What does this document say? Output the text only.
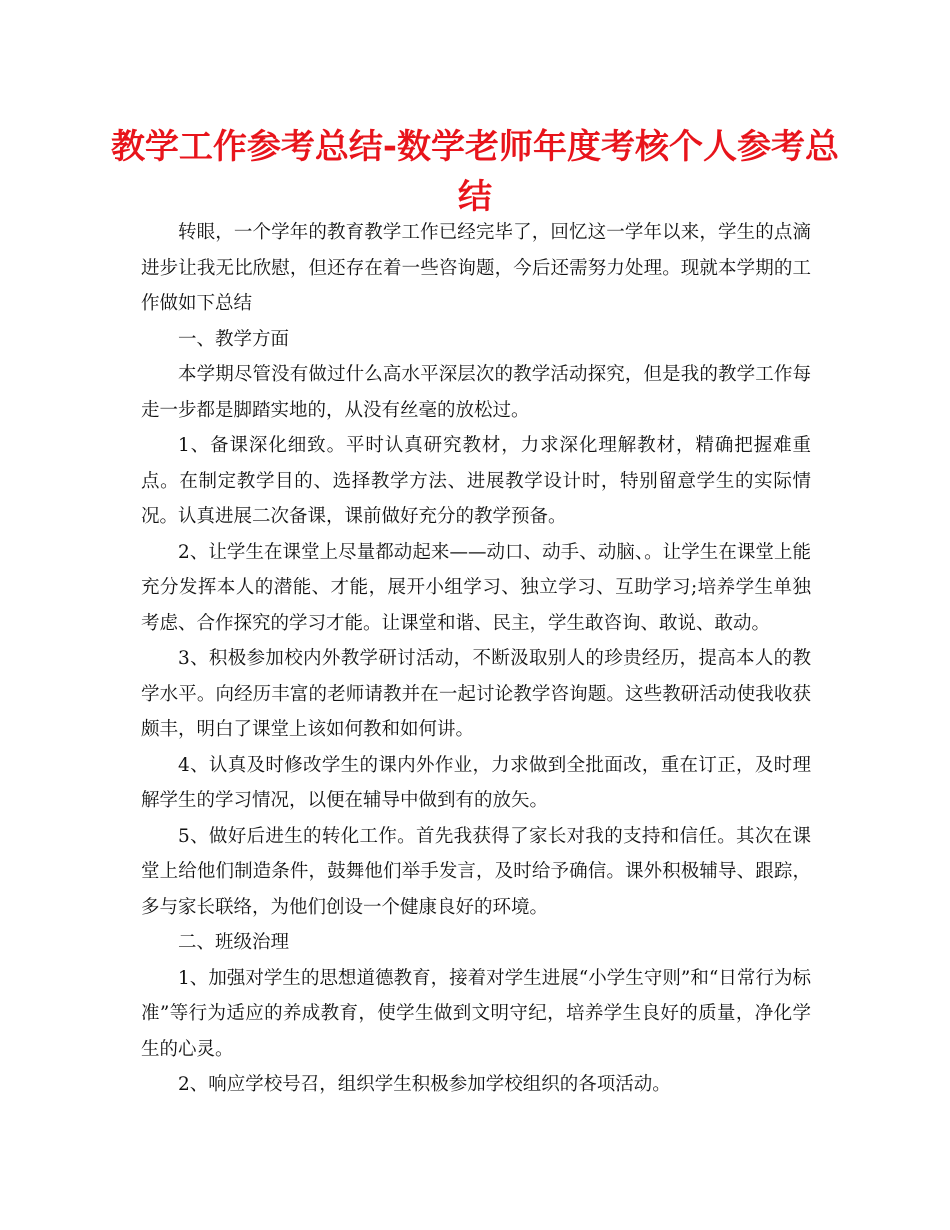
教学工作参考总结-数学老师年度考核个人参考总结

转眼，一个学年的教育教学工作已经完毕了，回忆这一学年以来，学生的点滴进步让我无比欣慰，但还存在着一些咨询题，今后还需努力处理。现就本学期的工作做如下总结

一、教学方面

本学期尽管没有做过什么高水平深层次的教学活动探究，但是我的教学工作每走一步都是脚踏实地的，从没有丝毫的放松过。

1、备课深化细致。平时认真研究教材，力求深化理解教材，精确把握难重点。在制定教学目的、选择教学方法、进展教学设计时，特别留意学生的实际情况。认真进展二次备课，课前做好充分的教学预备。

2、让学生在课堂上尽量都动起来——动口、动手、动脑、。让学生在课堂上能充分发挥本人的潜能、才能，展开小组学习、独立学习、互助学习;培养学生单独考虑、合作探究的学习才能。让课堂和谐、民主，学生敢咨询、敢说、敢动。

3、积极参加校内外教学研讨活动，不断汲取别人的珍贵经历，提高本人的教学水平。向经历丰富的老师请教并在一起讨论教学咨询题。这些教研活动使我收获颇丰，明白了课堂上该如何教和如何讲。

4、认真及时修改学生的课内外作业，力求做到全批面改，重在订正，及时理解学生的学习情况，以便在辅导中做到有的放矢。

5、做好后进生的转化工作。首先我获得了家长对我的支持和信任。其次在课堂上给他们制造条件，鼓舞他们举手发言，及时给予确信。课外积极辅导、跟踪，多与家长联络，为他们创设一个健康良好的环境。

二、班级治理

1、加强对学生的思想道德教育，接着对学生进展“小学生守则”和“日常行为标准”等行为适应的养成教育，使学生做到文明守纪，培养学生良好的质量，净化学生的心灵。

2、响应学校号召，组织学生积极参加学校组织的各项活动。
